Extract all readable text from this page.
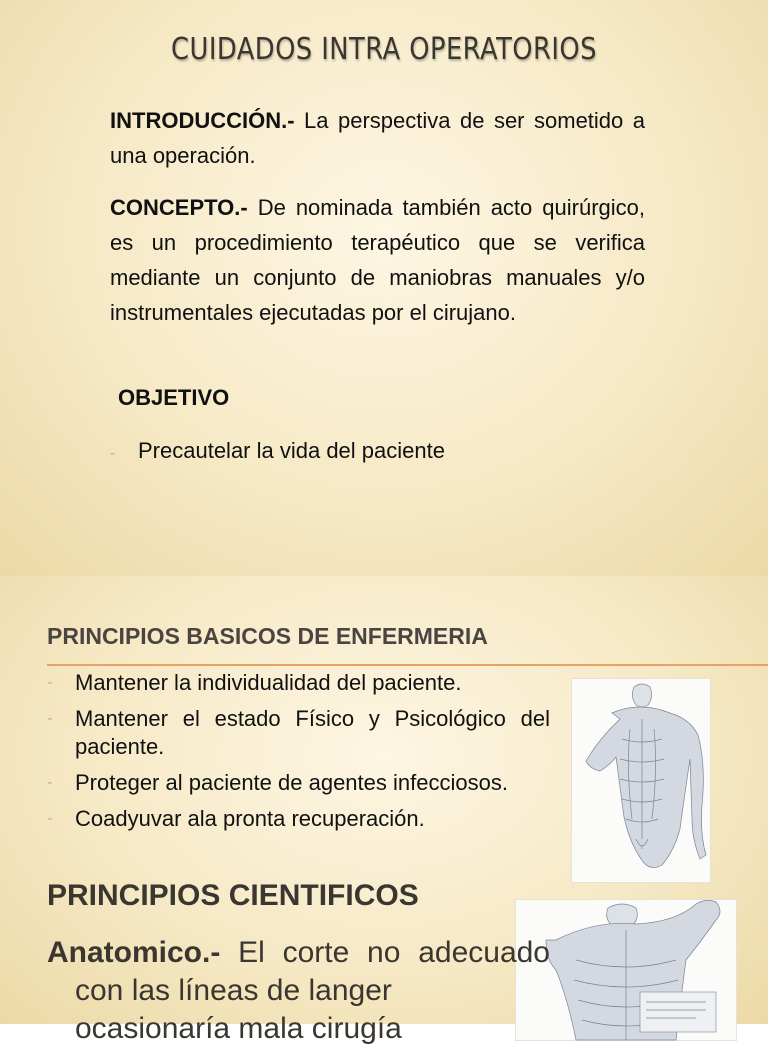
CUIDADOS INTRA OPERATORIOS
INTRODUCCIÓN.- La perspectiva de ser sometido a una operación.
CONCEPTO.- De nominada también acto quirúrgico, es un procedimiento terapéutico que se verifica mediante un conjunto de maniobras manuales y/o instrumentales ejecutadas por el cirujano.
OBJETIVO
- Precautelar la vida del paciente
PRINCIPIOS BASICOS DE ENFERMERIA
- Mantener la individualidad del paciente.
- Mantener el estado Físico y Psicológico del paciente.
- Proteger al paciente de agentes infecciosos.
- Coadyuvar ala pronta recuperación.
PRINCIPIOS CIENTIFICOS
Anatomico.- El corte no adecuado
con las líneas de langer
ocasionaría mala cirugía
